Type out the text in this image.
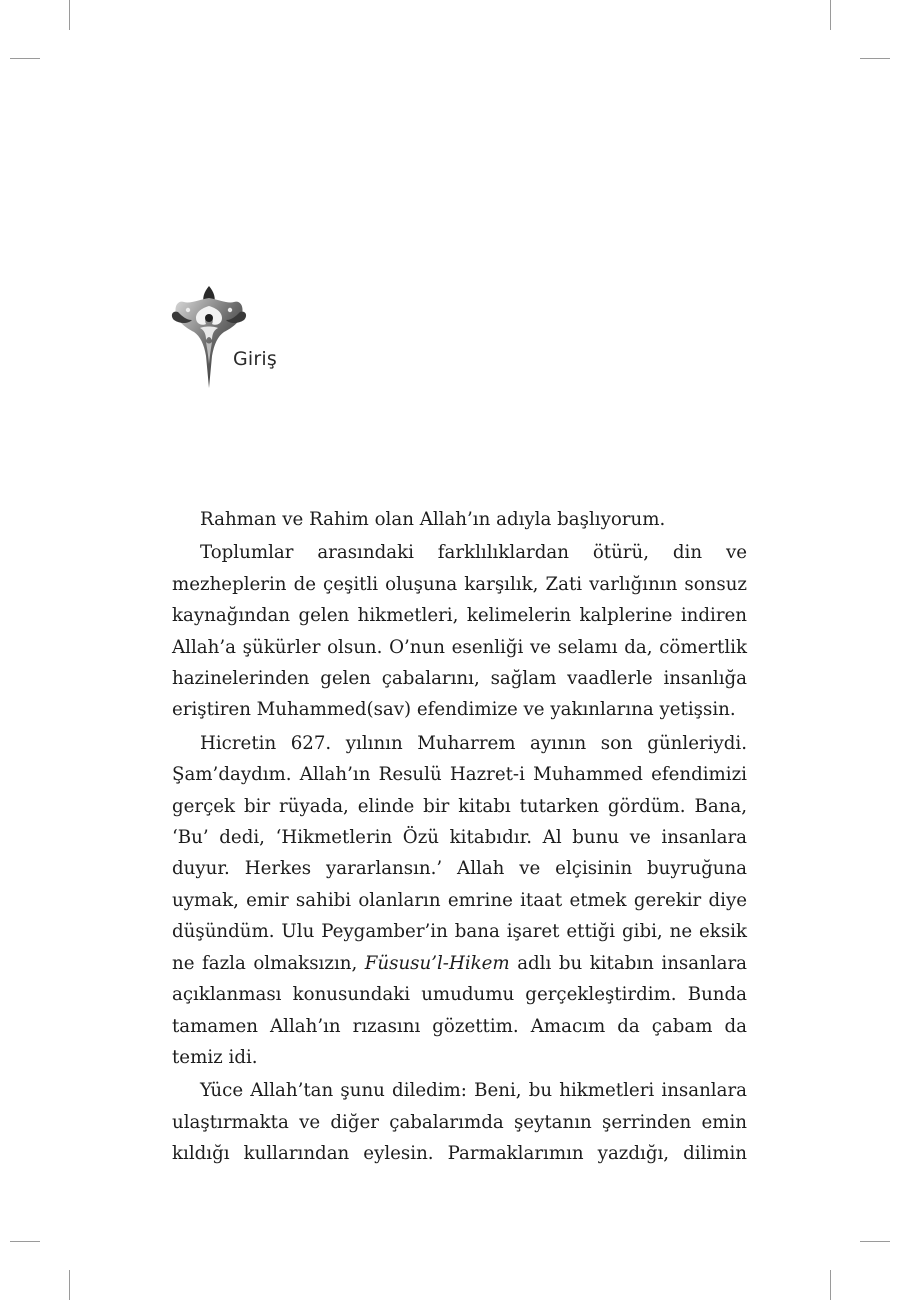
Giriş

Rahman ve Rahim olan Allah’ın adıyla başlıyorum.

Toplumlar arasındaki farklılıklardan ötürü, din ve mezheplerin de çeşitli oluşuna karşılık, Zati varlığının sonsuz kaynağından gelen hikmetleri, kelimelerin kalplerine indiren Allah’a şükürler olsun. O’nun esenliği ve selamı da, cömertlik hazinelerinden gelen çabalarını, sağlam vaadlerle insanlığa eriştiren Muhammed(sav) efendimize ve yakınlarına yetişsin.

Hicretin 627. yılının Muharrem ayının son günleriydi. Şam’daydım. Allah’ın Resulü Hazret-i Muhammed efendimizi gerçek bir rüyada, elinde bir kitabı tutarken gördüm. Bana, ‘Bu’ dedi, ‘Hikmetlerin Özü kitabıdır. Al bunu ve insanlara duyur. Herkes yararlansın.’ Allah ve elçisinin buyruğuna uymak, emir sahibi olanların emrine itaat etmek gerekir diye düşündüm. Ulu Peygamber’in bana işaret ettiği gibi, ne eksik ne fazla olmaksızın, Füsusu’l-Hikem adlı bu kitabın insanlara açıklanması konusundaki umudumu gerçekleştirdim. Bunda tamamen Allah’ın rızasını gözettim. Amacım da çabam da temiz idi.

Yüce Allah’tan şunu diledim: Beni, bu hikmetleri insanlara ulaştırmakta ve diğer çabalarımda şeytanın şerrinden emin kıldığı kullarından eylesin. Parmaklarımın yazdığı, dilimin
